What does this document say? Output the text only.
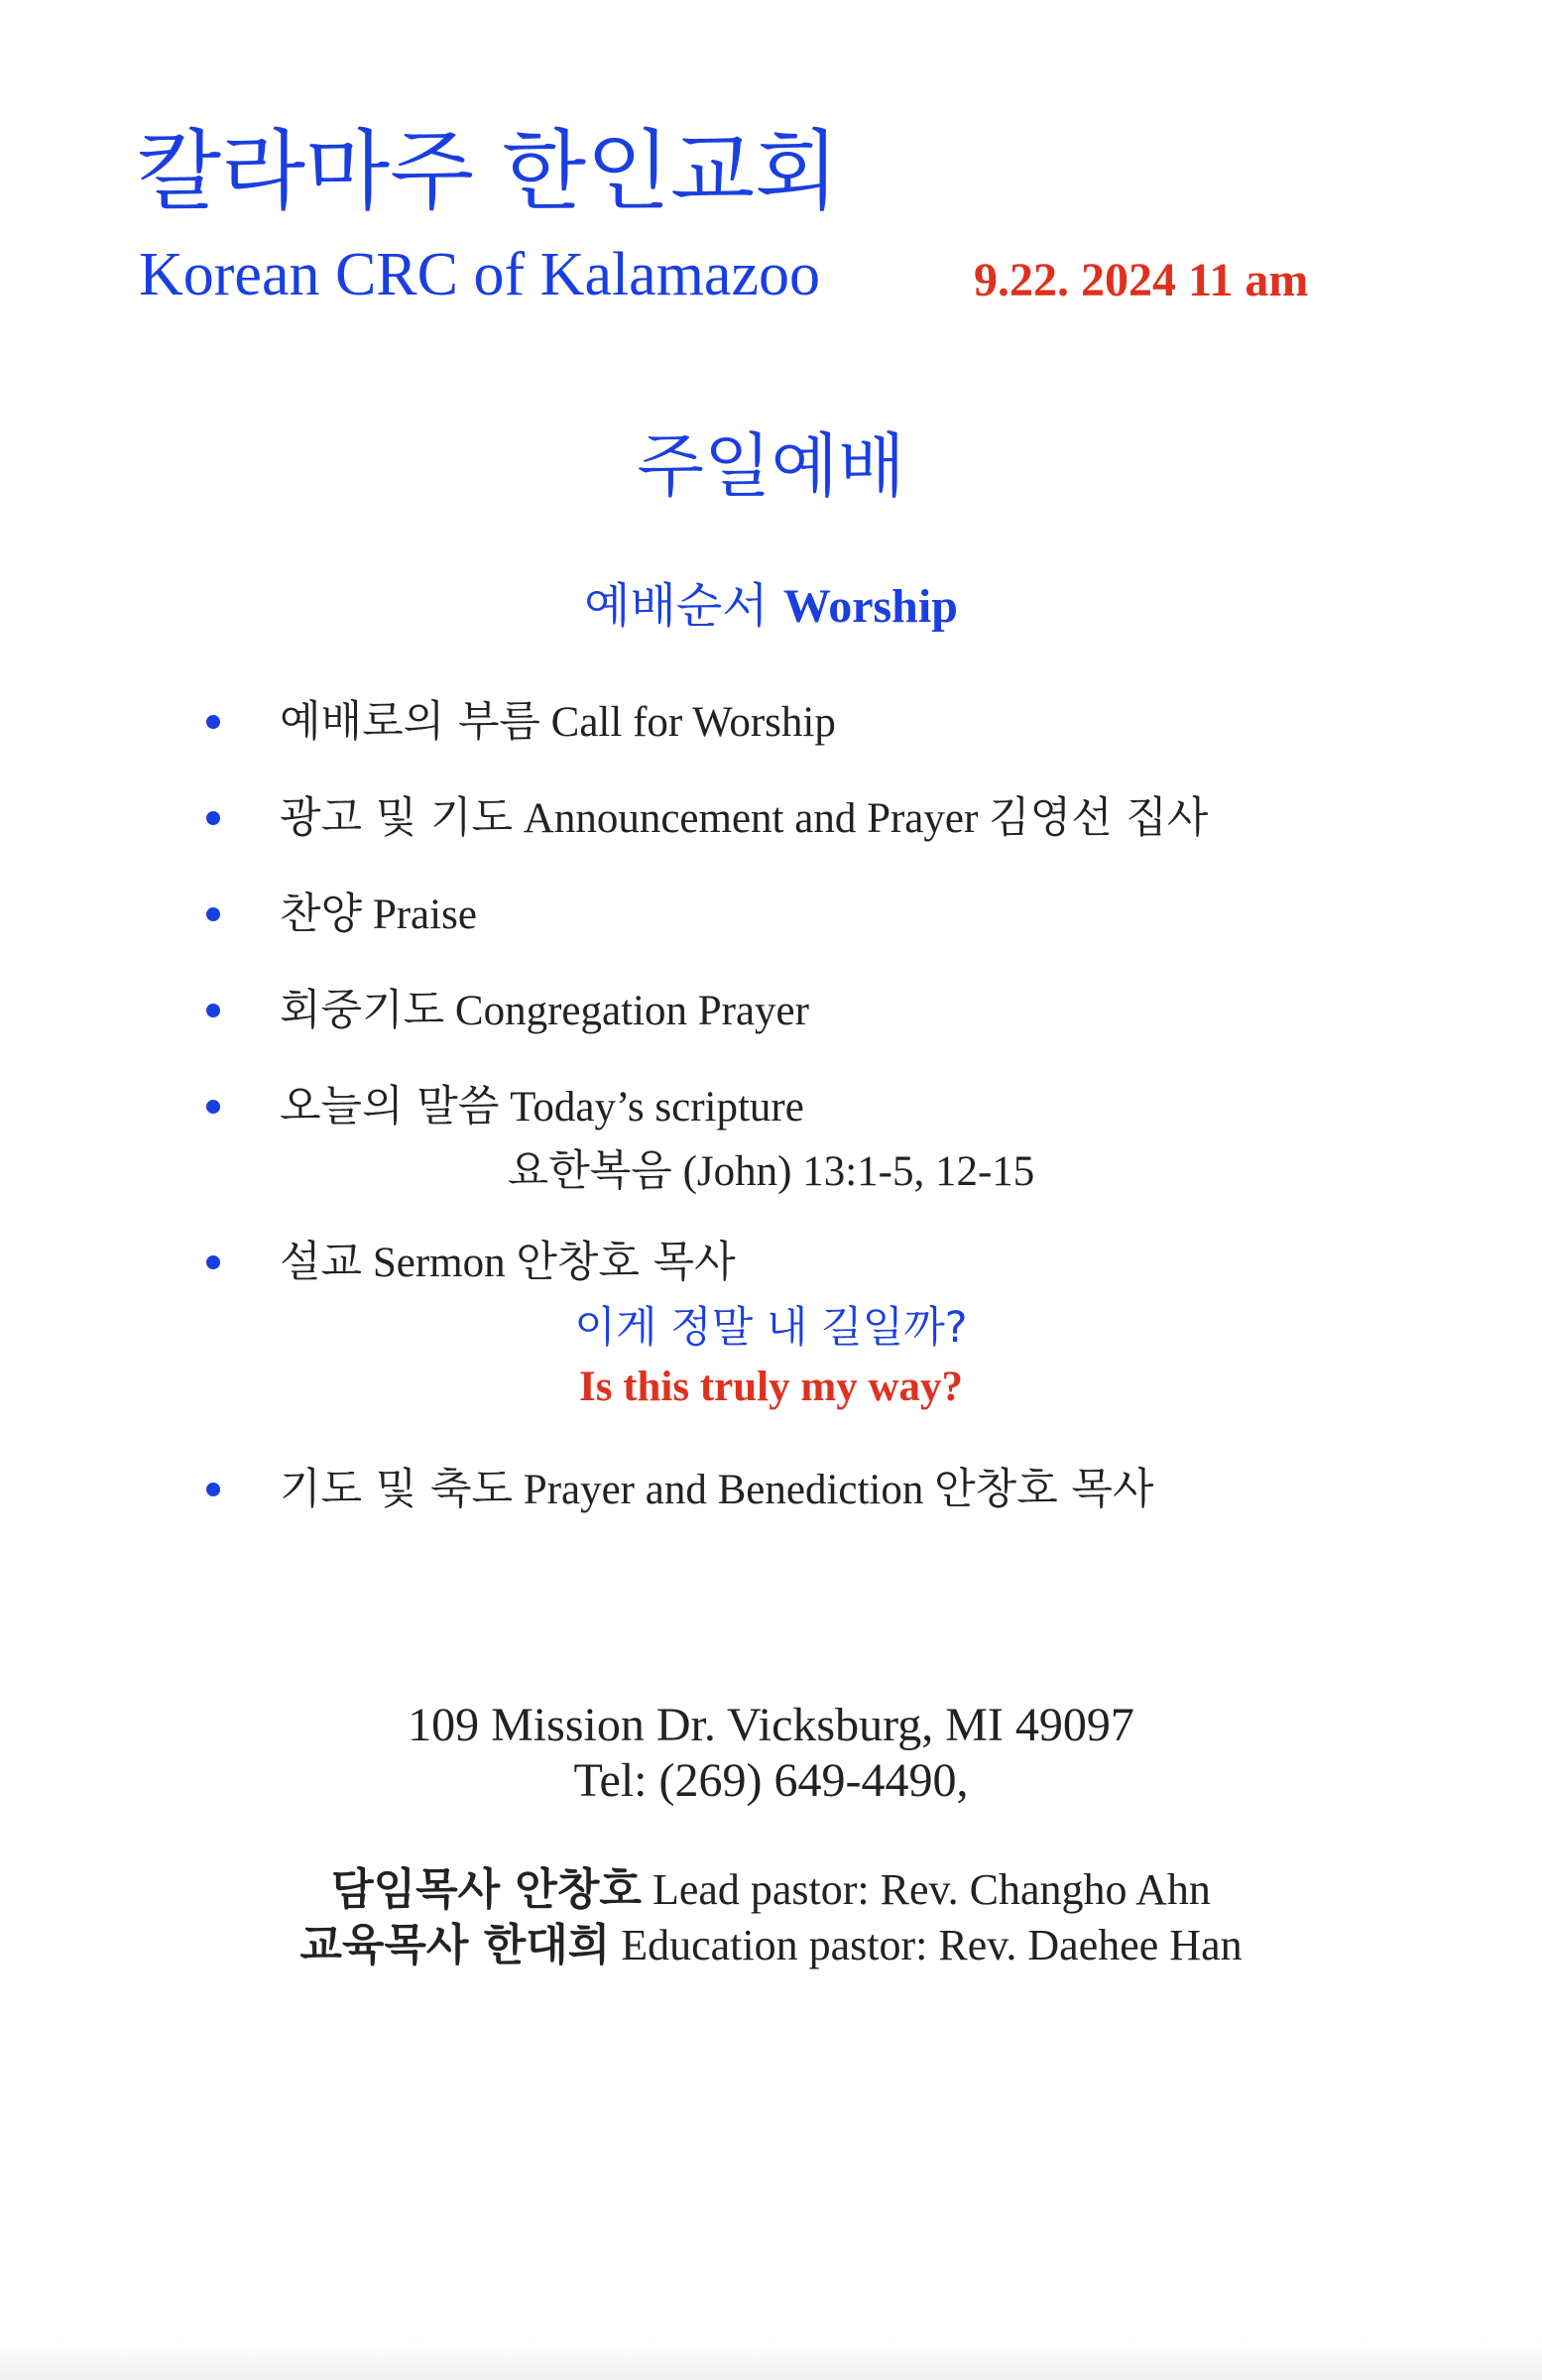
칼라마주 한인교회
Korean CRC of Kalamazoo	9.22. 2024 11 am
주일예배
예배순서 Worship
예배로의 부름 Call for Worship
광고 및 기도 Announcement and Prayer 김영선 집사
찬양 Praise
회중기도 Congregation Prayer
오늘의 말씀 Today’s scripture
요한복음 (John) 13:1-5, 12-15
설교 Sermon 안창호 목사
이게 정말 내 길일까?
Is this truly my way?
기도 및 축도 Prayer and Benediction 안창호 목사
109 Mission Dr. Vicksburg, MI 49097
Tel: (269) 649-4490,
담임목사 안창호 Lead pastor: Rev. Changho Ahn
교육목사 한대희 Education pastor: Rev. Daehee Han
